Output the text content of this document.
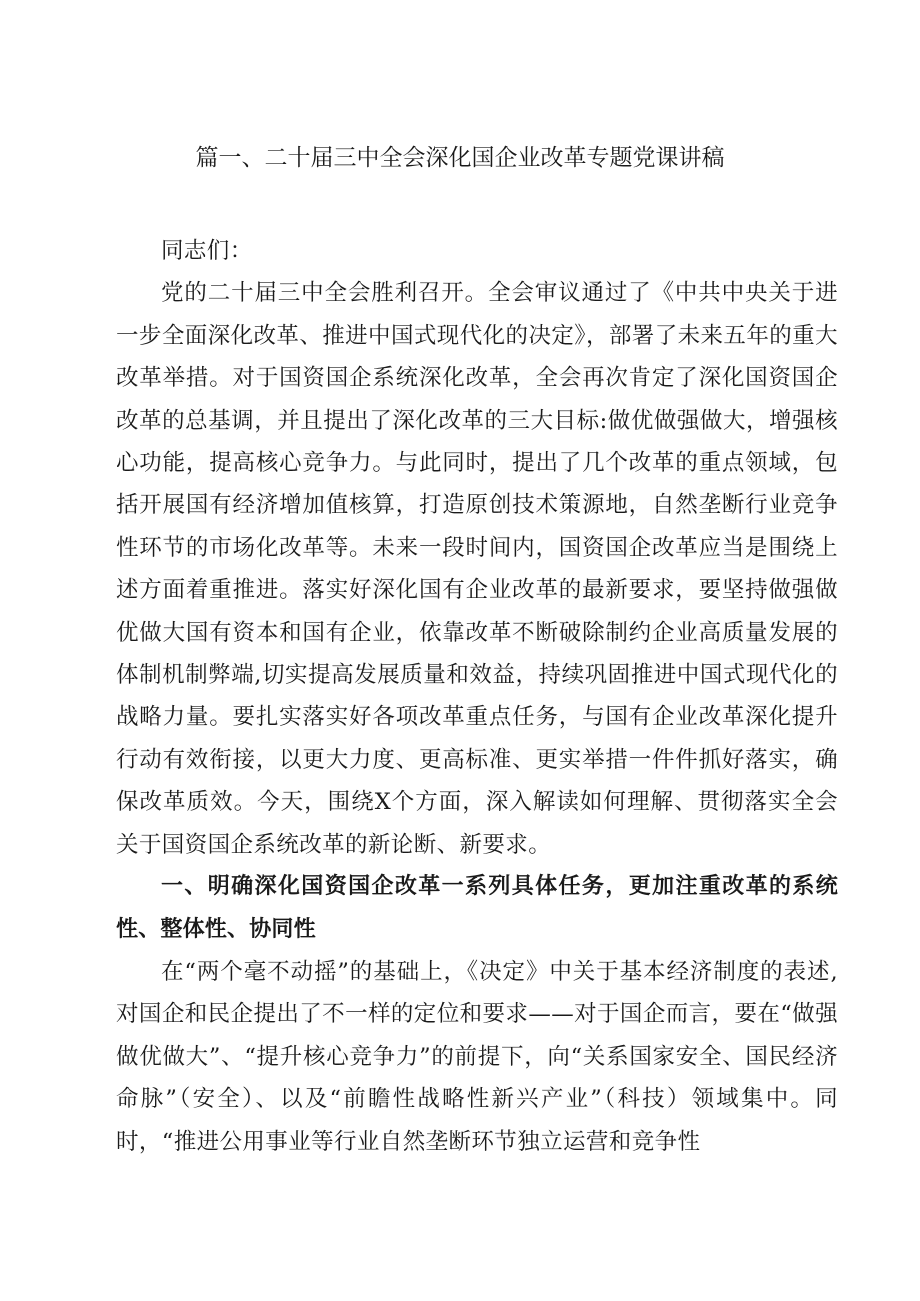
篇一、二十届三中全会深化国企业改革专题党课讲稿

同志们：

党的二十届三中全会胜利召开。全会审议通过了《中共中央关于进一步全面深化改革、推进中国式现代化的决定》，部署了未来五年的重大改革举措。对于国资国企系统深化改革，全会再次肯定了深化国资国企改革的总基调，并且提出了深化改革的三大目标:做优做强做大，增强核心功能，提高核心竞争力。与此同时，提出了几个改革的重点领域，包括开展国有经济增加值核算，打造原创技术策源地，自然垄断行业竞争性环节的市场化改革等。未来一段时间内，国资国企改革应当是围绕上述方面着重推进。落实好深化国有企业改革的最新要求，要坚持做强做优做大国有资本和国有企业，依靠改革不断破除制约企业高质量发展的体制机制弊端,切实提高发展质量和效益，持续巩固推进中国式现代化的战略力量。要扎实落实好各项改革重点任务，与国有企业改革深化提升行动有效衔接，以更大力度、更高标准、更实举措一件件抓好落实，确保改革质效。今天，围绕X个方面，深入解读如何理解、贯彻落实全会关于国资国企系统改革的新论断、新要求。

一、明确深化国资国企改革一系列具体任务，更加注重改革的系统性、整体性、协同性

在“两个毫不动摇”的基础上，《决定》中关于基本经济制度的表述,对国企和民企提出了不一样的定位和要求——对于国企而言，要在“做强做优做大”、“提升核心竞争力”的前提下，向“关系国家安全、国民经济命脉”（安全）、以及“前瞻性战略性新兴产业”（科技）领域集中。同时，“推进公用事业等行业自然垄断环节独立运营和竞争性
